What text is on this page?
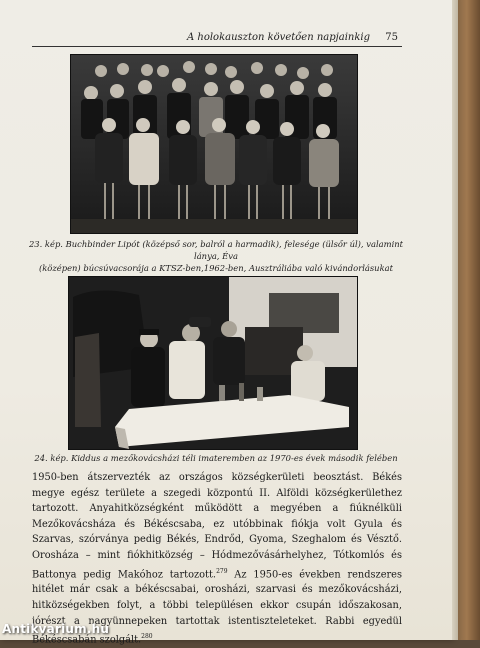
A holokauszton követően napjainkig 75
23. kép. Buchbinder Lipót (középső sor, balról a harmadik), felesége (ülsőr úl), valamint lánya, Éva
(középen) búcsúvacsorája a KTSZ-ben,1962-ben, Ausztráliába való kivándorlásukat
24. kép. Kiddus a mezőkovácsházi téli imateremben az 1970-es évek második felében
1950-ben átszervezték az országos községkerületi beosztást. Békés megye egész területe a szegedi központú II. Alföldi községkerülethez tartozott. Anyahitközségként működött a megyében a fiúknélküli Mezőkovácsháza és Békéscsaba, ez utóbbinak fiókja volt Gyula és Szarvas, szórványa pedig Békés, Endrőd, Gyoma, Szeghalom és Vésztő. Orosháza – mint fiókhitközség – Hódmezővásárhelyhez, Tótkomlós és Battonya pedig Makóhoz tartozott.$^{279}$ Az 1950-es években rendszeres hitélet már csak a békéscsabai, orosházi, szarvasi és mezőkovácsházi, hitközségekben folyt, a többi településen ekkor csupán időszakosan, jórészt a nagyünnepeken tartottak istentiszteleteket. Rabbi egyedül Békéscsabán szolgált.$^{280}$
Antikvarium.hu
